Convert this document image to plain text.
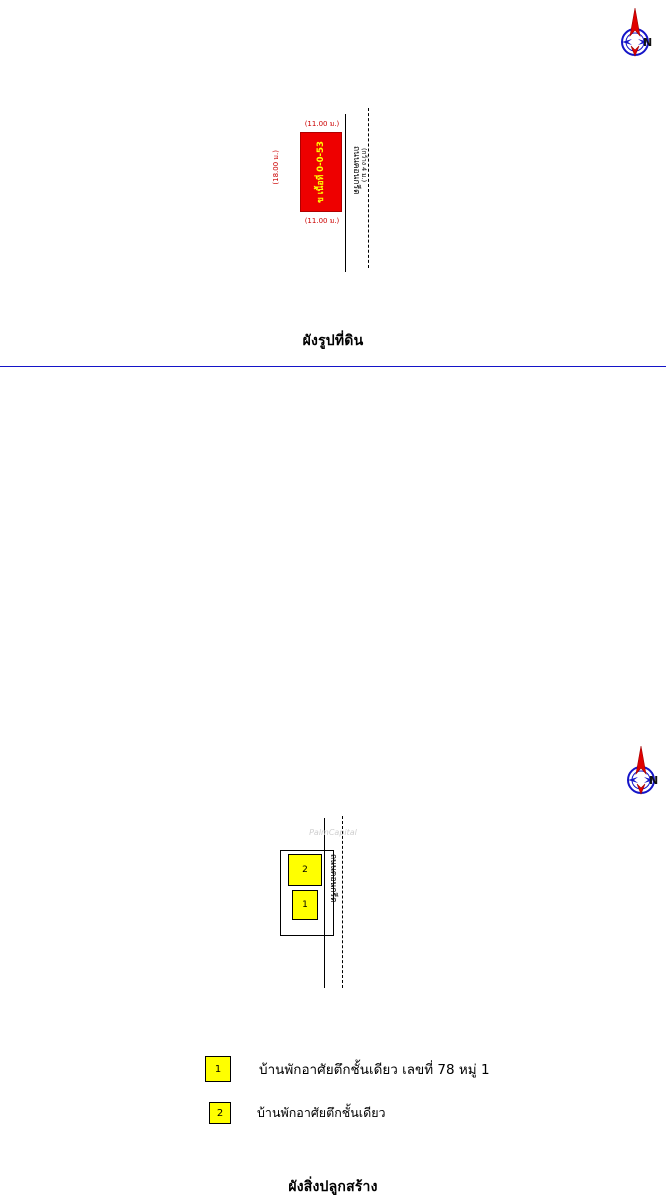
N
ข เนื้อที่ 0-0-53
(11.00 ม.)
(11.00 ม.)
(18.00 ม.)	ถนนคอนกรีต (กว้าง 4 ม.)
ผังรูปที่ดิน
N
2
1
ถนนคอนกรีต
1	บ้านพักอาศัยตึกชั้นเดียว เลขที่ 78 หมู่ 1
2	บ้านพักอาศัยตึกชั้นเดียว
ผังสิ่งปลูกสร้าง
PalmCapital
